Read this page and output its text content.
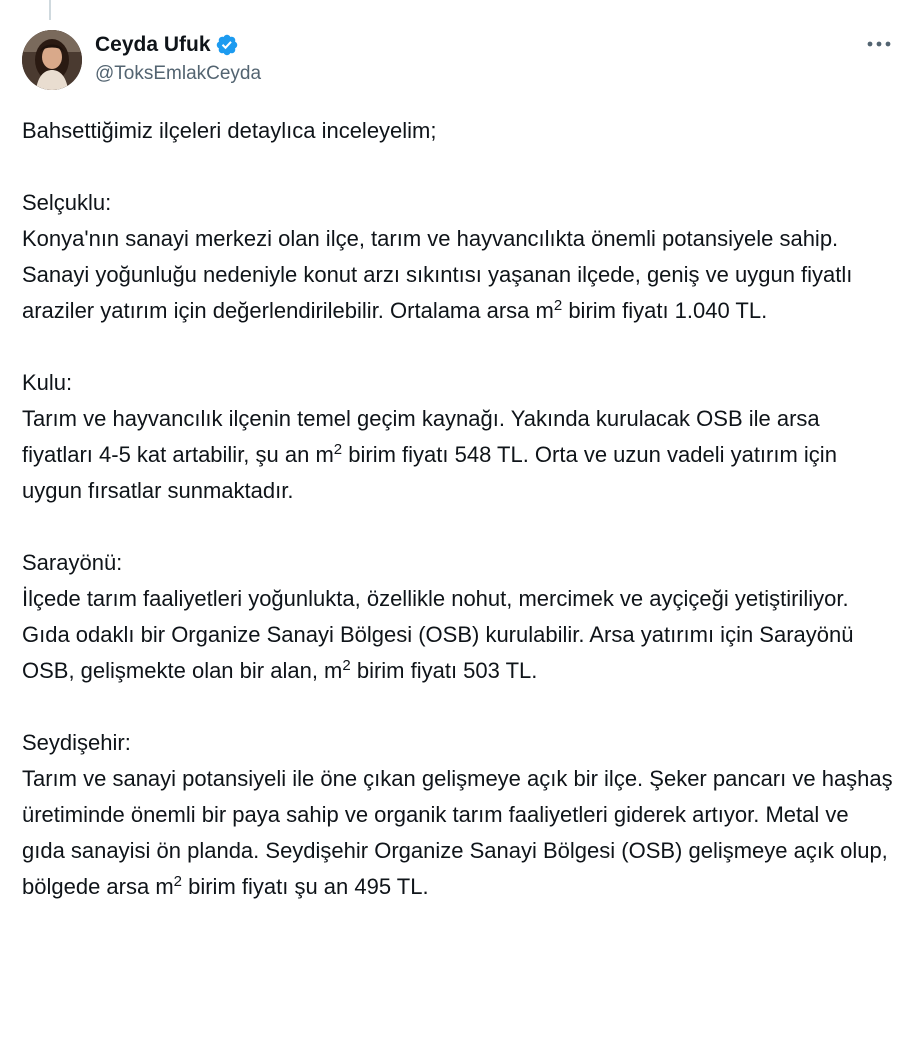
Ceyda Ufuk
@ToksEmlakCeyda

Bahsettiğimiz ilçeleri detaylıca inceleyelim;

Selçuklu:

Konya'nın sanayi merkezi olan ilçe, tarım ve hayvancılıkta önemli potansiyele sahip. Sanayi yoğunluğu nedeniyle konut arzı sıkıntısı yaşanan ilçede, geniş ve uygun fiyatlı araziler yatırım için değerlendirilebilir. Ortalama arsa $m^2$ birim fiyatı 1.040 TL.

Kulu:

Tarım ve hayvancılık ilçenin temel geçim kaynağı. Yakında kurulacak OSB ile arsa fiyatları 4-5 kat artabilir, şu an $m^2$ birim fiyatı 548 TL. Orta ve uzun vadeli yatırım için uygun fırsatlar sunmaktadır.

Sarayönü:

İlçede tarım faaliyetleri yoğunlukta, özellikle nohut, mercimek ve ayçiçeği yetiştiriliyor. Gıda odaklı bir Organize Sanayi Bölgesi (OSB) kurulabilir. Arsa yatırımı için Sarayönü OSB, gelişmekte olan bir alan, $m^2$ birim fiyatı 503 TL.

Seydişehir:

Tarım ve sanayi potansiyeli ile öne çıkan gelişmeye açık bir ilçe. Şeker pancarı ve haşhaş üretiminde önemli bir paya sahip ve organik tarım faaliyetleri giderek artıyor. Metal ve gıda sanayisi ön planda. Seydişehir Organize Sanayi Bölgesi (OSB) gelişmeye açık olup, bölgede arsa $m^2$ birim fiyatı şu an 495 TL.
